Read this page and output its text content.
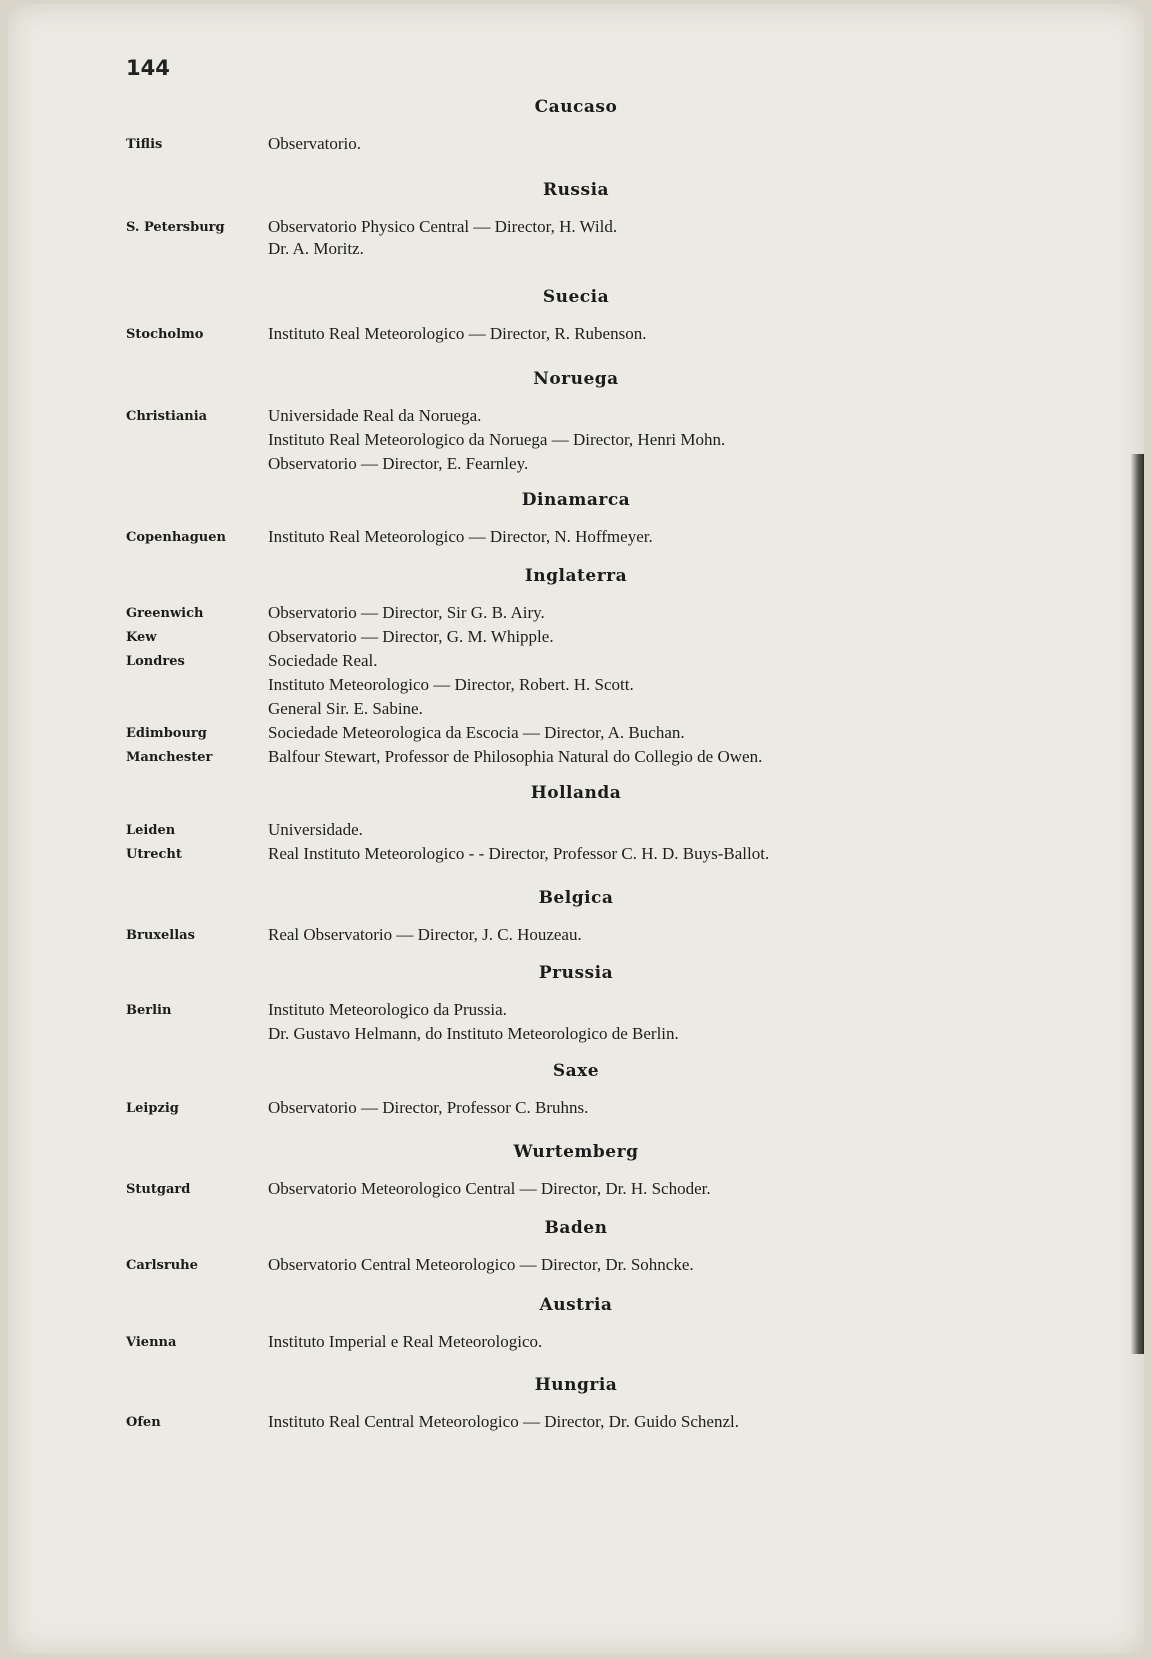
144
Caucaso
Tiflis	Observatorio.
Russia
S. Petersburg	Observatorio Physico Central — Director, H. Wild.
Dr. A. Moritz.
Suecia
Stocholmo	Instituto Real Meteorologico — Director, R. Rubenson.
Noruega
Christiania	Universidade Real da Noruega.
Instituto Real Meteorologico da Noruega — Director, Henri Mohn.
Observatorio — Director, E. Fearnley.
Dinamarca
Copenhaguen Instituto Real Meteorologico — Director, N. Hoffmeyer.
Inglaterra
Greenwich	Observatorio — Director, Sir G. B. Airy.
Kew	Observatorio — Director, G. M. Whipple.
Londres	Sociedade Real.
Instituto Meteorologico — Director, Robert. H. Scott.
General Sir. E. Sabine.
Edimbourg	Sociedade Meteorologica da Escocia — Director, A. Buchan.
Manchester	Balfour Stewart, Professor de Philosophia Natural do Collegio de Owen.
Hollanda
Leiden	Universidade.
Utrecht	Real Instituto Meteorologico - - Director, Professor C. H. D. Buys-Ballot.
Belgica
Bruxellas	Real Observatorio — Director, J. C. Houzeau.
Prussia
Berlin	Instituto Meteorologico da Prussia.
Dr. Gustavo Helmann, do Instituto Meteorologico de Berlin.
Saxe
Leipzig	Observatorio — Director, Professor C. Bruhns.
Wurtemberg
Stutgard	Observatorio Meteorologico Central — Director, Dr. H. Schoder.
Baden
Carlsruhe	Observatorio Central Meteorologico — Director, Dr. Sohncke.
Austria
Vienna	Instituto Imperial e Real Meteorologico.
Hungria
Ofen	Instituto Real Central Meteorologico — Director, Dr. Guido Schenzl.
